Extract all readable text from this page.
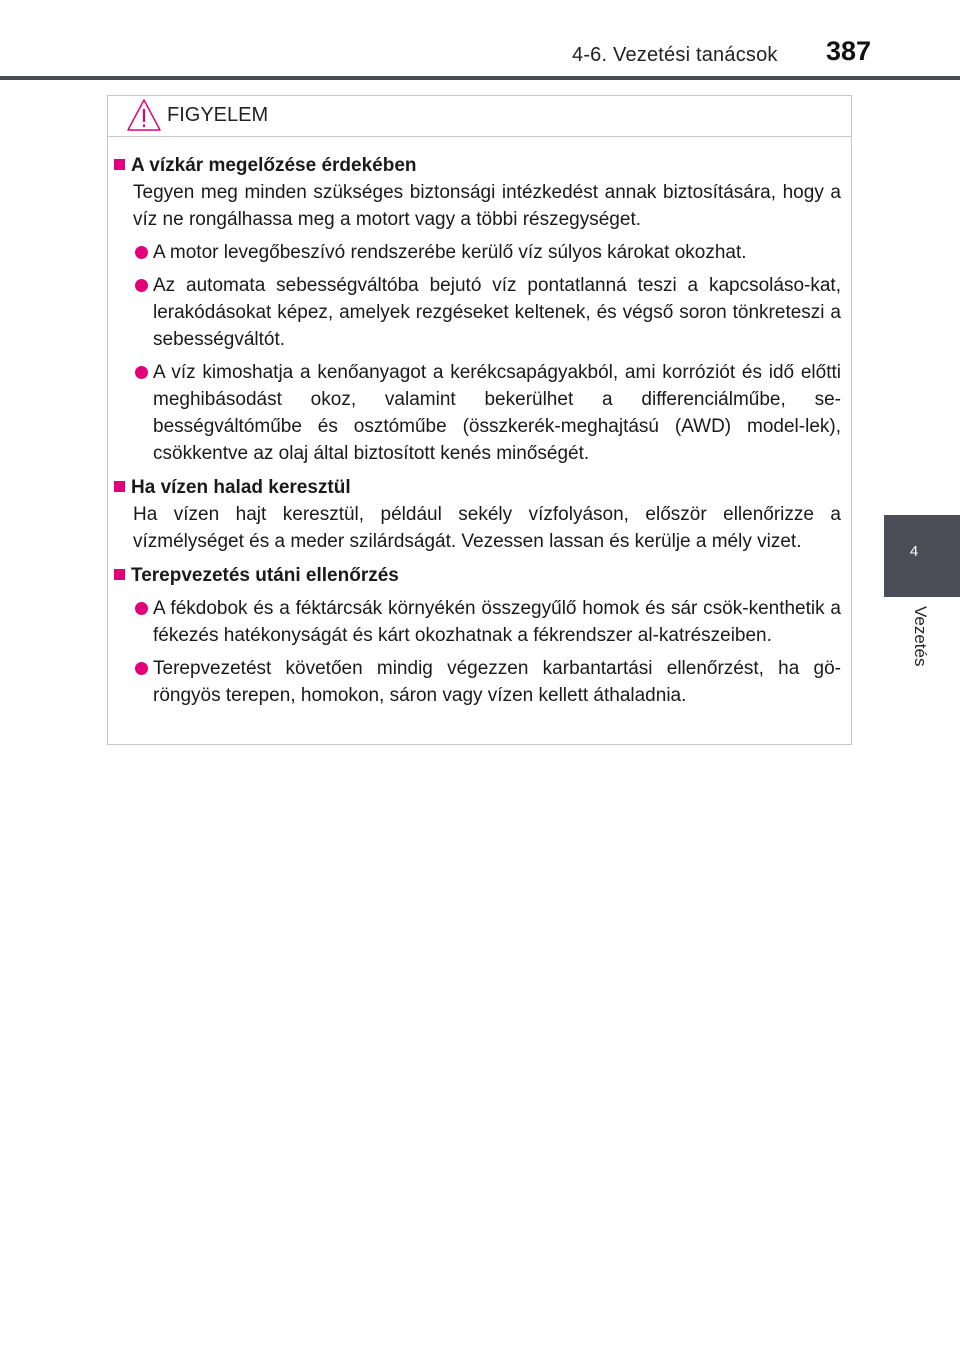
4-6. Vezetési tanácsok 387
4
Vezetés
FIGYELEM
A vízkár megelőzése érdekében
Tegyen meg minden szükséges biztonsági intézkedést annak biztosítására, hogy a víz ne rongálhassa meg a motort vagy a többi részegységet.
A motor levegőbeszívó rendszerébe kerülő víz súlyos károkat okozhat.
Az automata sebességváltóba bejutó víz pontatlanná teszi a kapcsoláso-kat, lerakódásokat képez, amelyek rezgéseket keltenek, és végső soron tönkreteszi a sebességváltót.
A víz kimoshatja a kenőanyagot a kerékcsapágyakból, ami korróziót és idő előtti meghibásodást okoz, valamint bekerülhet a differenciálműbe, se-bességváltóműbe és osztóműbe (összkerék-meghajtású (AWD) model-lek), csökkentve az olaj által biztosított kenés minőségét.
Ha vízen halad keresztül
Ha vízen hajt keresztül, például sekély vízfolyáson, először ellenőrizze a vízmélységet és a meder szilárdságát. Vezessen lassan és kerülje a mély vizet.
Terepvezetés utáni ellenőrzés
A fékdobok és a féktárcsák környékén összegyűlő homok és sár csök-kenthetik a fékezés hatékonyságát és kárt okozhatnak a fékrendszer al-katrészeiben.
Terepvezetést követően mindig végezzen karbantartási ellenőrzést, ha gö-röngyös terepen, homokon, sáron vagy vízen kellett áthaladnia.
